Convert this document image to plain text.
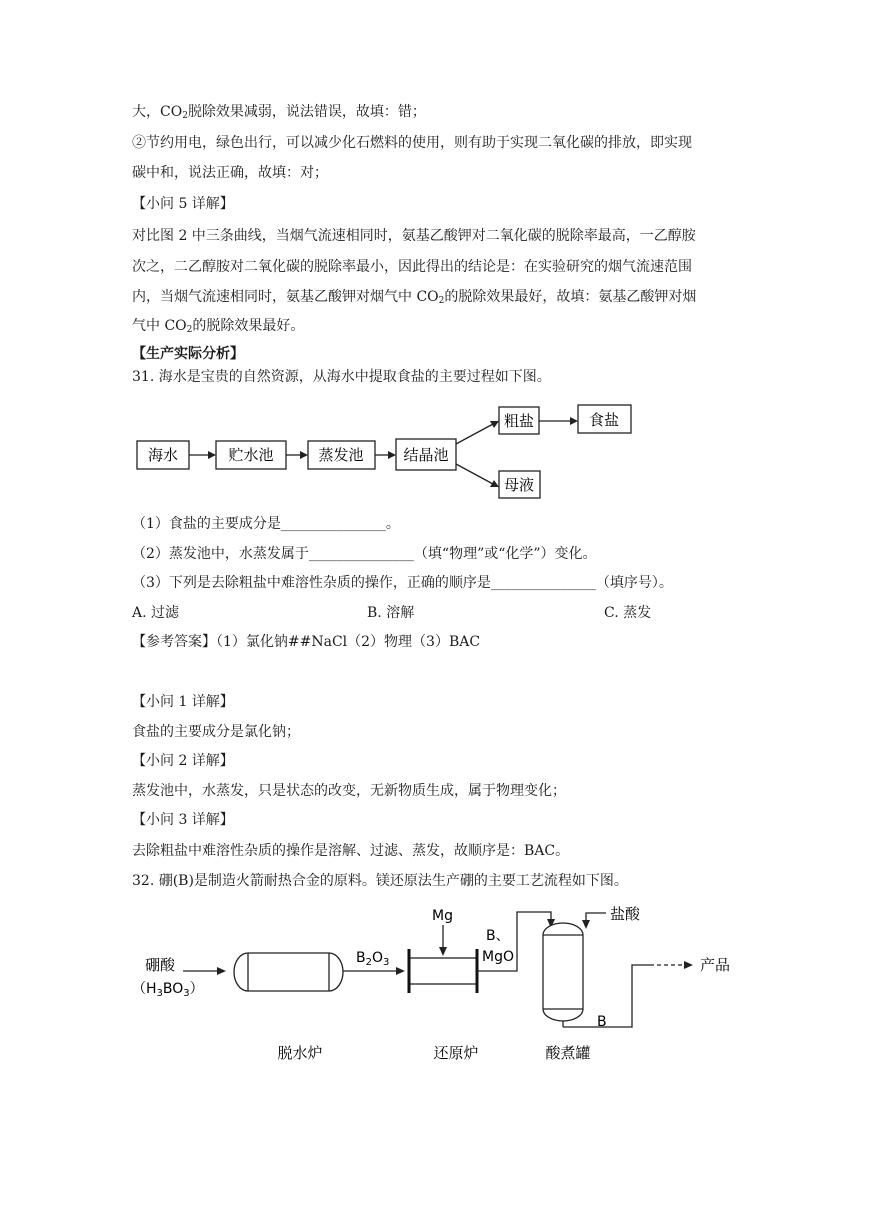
大，$CO_2$脱除效果减弱，说法错误，故填：错；
②节约用电，绿色出行，可以减少化石燃料的使用，则有助于实现二氧化碳的排放，即实现
碳中和，说法正确，故填：对；
【小问 5 详解】
对比图 2 中三条曲线，当烟气流速相同时，氨基乙酸钾对二氧化碳的脱除率最高，一乙醇胺
次之，二乙醇胺对二氧化碳的脱除率最小，因此得出的结论是：在实验研究的烟气流速范围
内，当烟气流速相同时，氨基乙酸钾对烟气中 $CO_2$的脱除效果最好，故填：氨基乙酸钾对烟
气中 $CO_2$的脱除效果最好。
【生产实际分析】
31. 海水是宝贵的自然资源，从海水中提取食盐的主要过程如下图。
海水	贮水池	蒸发池	结晶池
粗盐	食盐
母液
（1）食盐的主要成分是_______________。
（2）蒸发池中，水蒸发属于_______________（填“物理”或“化学”）变化。
（3）下列是去除粗盐中难溶性杂质的操作，正确的顺序是_______________（填序号）。
A. 过滤	B. 溶解	C. 蒸发
【参考答案】（1）氯化钠##NaCl（2）物理（3）BAC
【小问 1 详解】
食盐的主要成分是氯化钠；
【小问 2 详解】
蒸发池中，水蒸发，只是状态的改变，无新物质生成，属于物理变化；
【小问 3 详解】
去除粗盐中难溶性杂质的操作是溶解、过滤、蒸发，故顺序是：BAC。
32. 硼(B)是制造火箭耐热合金的原料。镁还原法生产硼的主要工艺流程如下图。
硼酸
$(H_3BO_3)$
脱水炉
$B_2O_3$
Mg
还原炉
B、
MgO
酸煮罐
盐酸
B
产品
